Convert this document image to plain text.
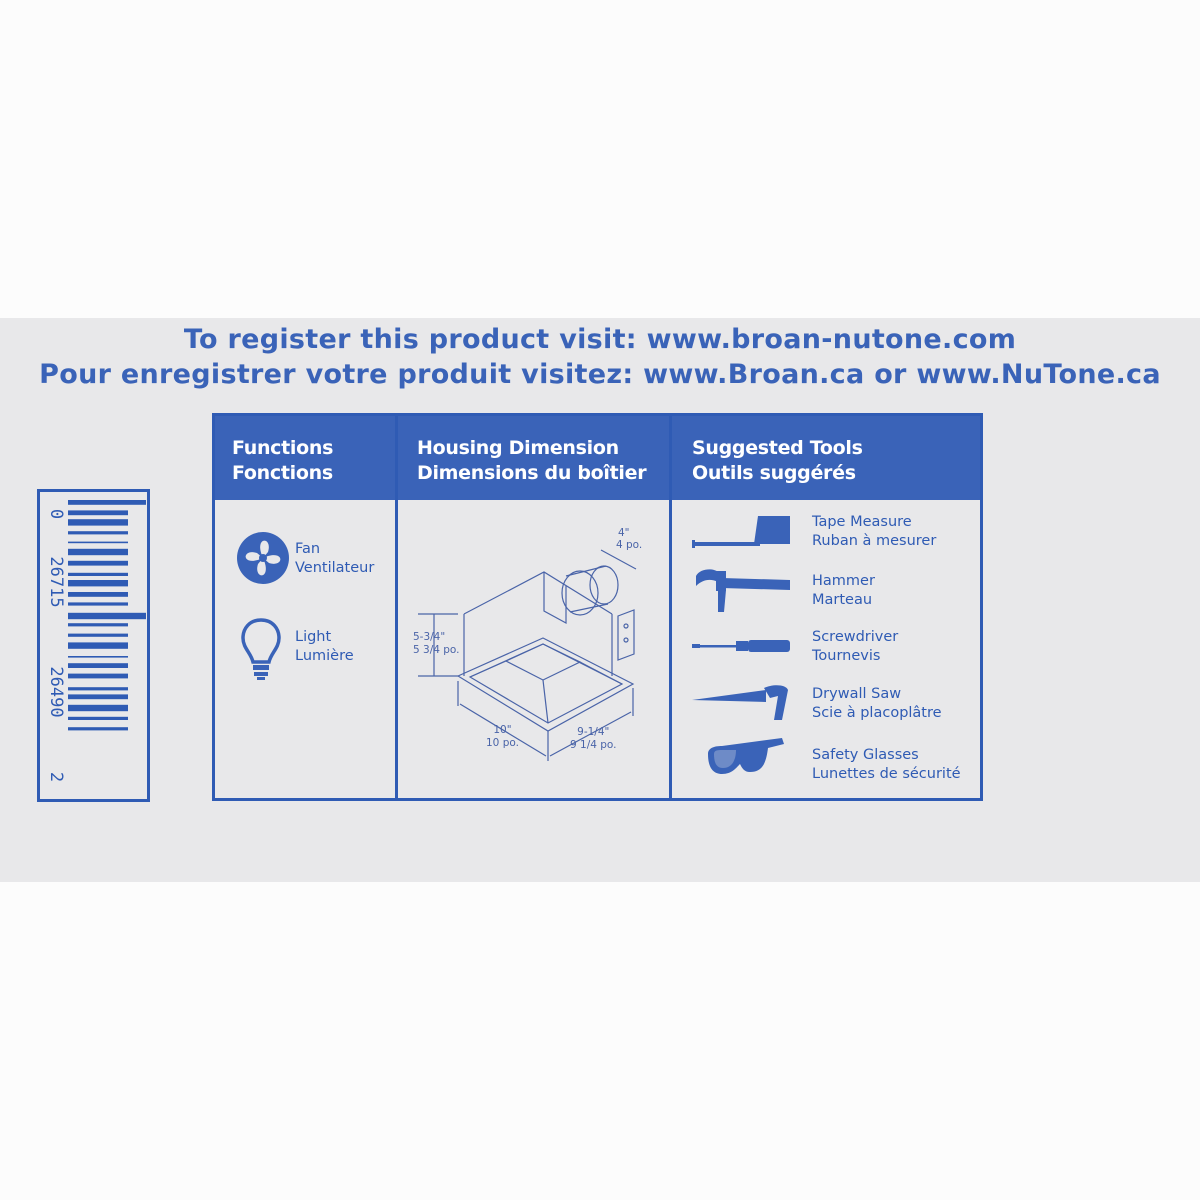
To register this product visit: www.broan-nutone.com
Pour enregistrer votre produit visitez: www.Broan.ca or www.NuTone.ca
0
26715
26490
2
Functions
Fonctions
Fan
Ventilateur
Light
Lumière
Housing Dimension
Dimensions du boîtier
4"
4 po.
5-3/4"
5 3/4 po.
10"
10 po.
9-1/4"
9 1/4 po.
Suggested Tools
Outils suggérés
Tape Measure
Ruban à mesurer
Hammer
Marteau
Screwdriver
Tournevis
Drywall Saw
Scie à placoplâtre
Safety Glasses
Lunettes de sécurité
